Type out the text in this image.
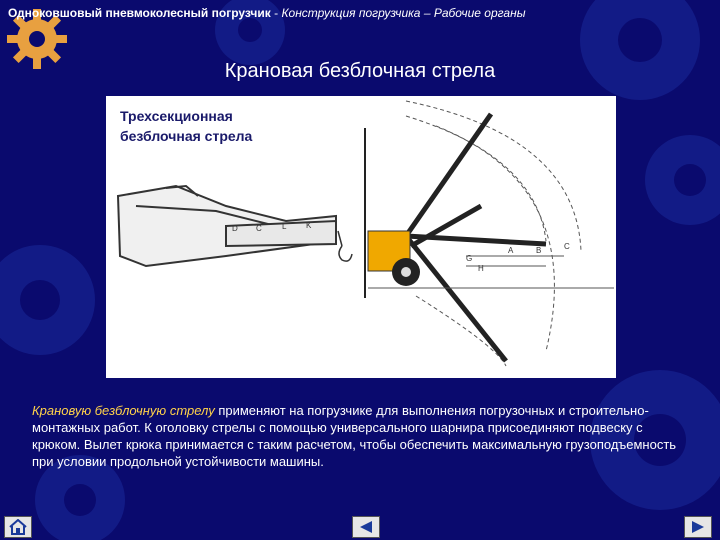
Одноковшовый пневмоколесный погрузчик - Конструкция погрузчика – Рабочие органы
Крановая безблочная стрела
Трехсекционная
безблочная стрела
A	B	C
G
H
D C	L K
Крановую безблочную стрелу применяют на погрузчике для выполнения погрузочных и строительно-монтажных работ. К оголовку стрелы с помощью универсального шарнира присоединяют подвеску с крюком. Вылет крюка принимается с таким расчетом, чтобы обеспечить максимальную грузоподъемность при условии продольной устойчивости машины.
